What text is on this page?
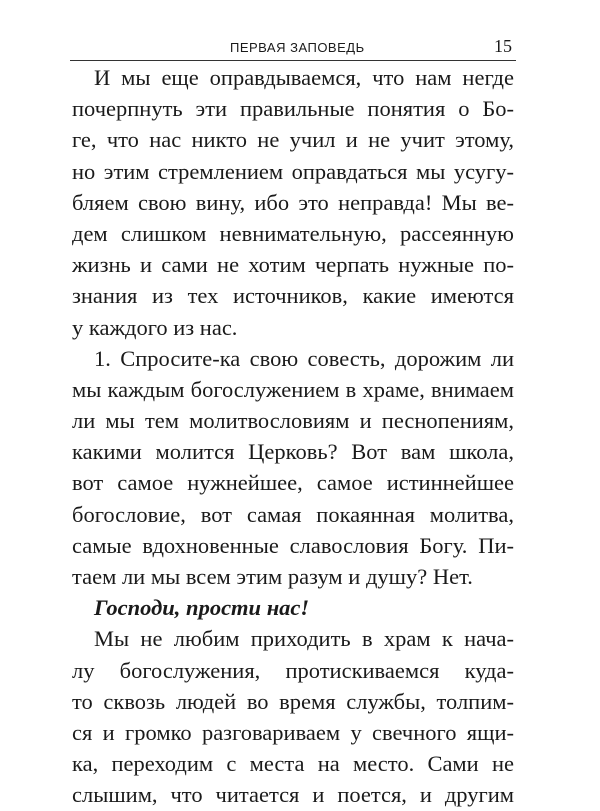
ПЕРВАЯ ЗАПОВЕДЬ	15
И мы еще оправдываемся, что нам негде
почерпнуть эти правильные понятия о Бо-
ге, что нас никто не учил и не учит этому,
но этим стремлением оправдаться мы усугу-
бляем свою вину, ибо это неправда! Мы ве-
дем слишком невнимательную, рассеянную
жизнь и сами не хотим черпать нужные по-
знания из тех источников, какие имеются
у каждого из нас.
1. Спросите-ка свою совесть, дорожим ли
мы каждым богослужением в храме, внимаем
ли мы тем молитвословиям и песнопениям,
какими молится Церковь? Вот вам школа,
вот самое нужнейшее, самое истиннейшее
богословие, вот самая покаянная молитва,
самые вдохновенные славословия Богу. Пи-
таем ли мы всем этим разум и душу? Нет.
Господи, прости нас!
Мы не любим приходить в храм к нача-
лу богослужения, протискиваемся куда-
то сквозь людей во время службы, толпим-
ся и громко разговариваем у свечного ящи-
ка, переходим с места на место. Сами не
слышим, что читается и поется, и другим
